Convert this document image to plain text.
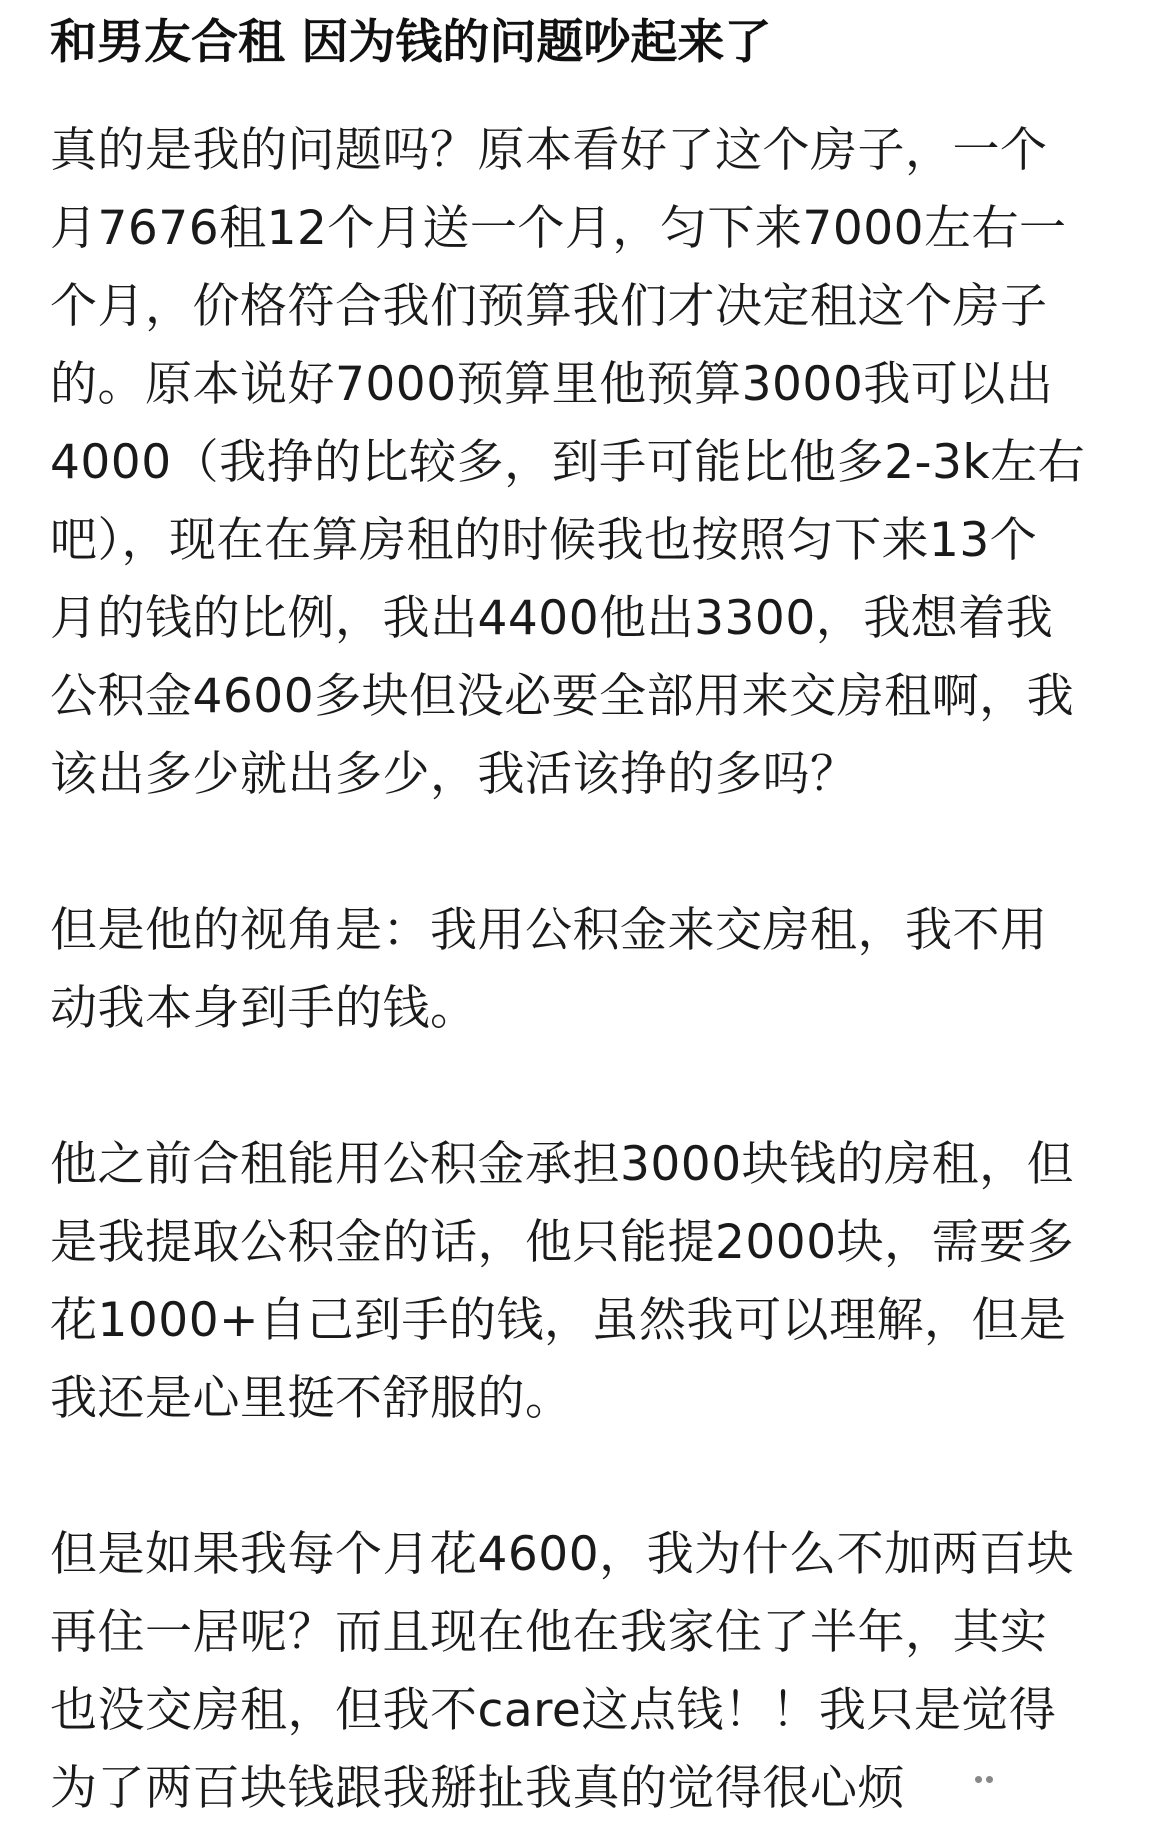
和男友合租 因为钱的问题吵起来了
真的是我的问题吗？原本看好了这个房子，一个
月7676租12个月送一个月，匀下来7000左右一
个月，价格符合我们预算我们才决定租这个房子
的。原本说好7000预算里他预算3000我可以出
4000（我挣的比较多，到手可能比他多2-3k左右
吧），现在在算房租的时候我也按照匀下来13个
月的钱的比例，我出4400他出3300，我想着我
公积金4600多块但没必要全部用来交房租啊，我
该出多少就出多少，我活该挣的多吗？
但是他的视角是：我用公积金来交房租，我不用
动我本身到手的钱。
他之前合租能用公积金承担3000块钱的房租，但
是我提取公积金的话，他只能提2000块，需要多
花1000+自己到手的钱，虽然我可以理解，但是
我还是心里挺不舒服的。
但是如果我每个月花4600，我为什么不加两百块
再住一居呢？而且现在他在我家住了半年，其实
也没交房租，但我不care这点钱！！我只是觉得
为了两百块钱跟我掰扯我真的觉得很心烦
